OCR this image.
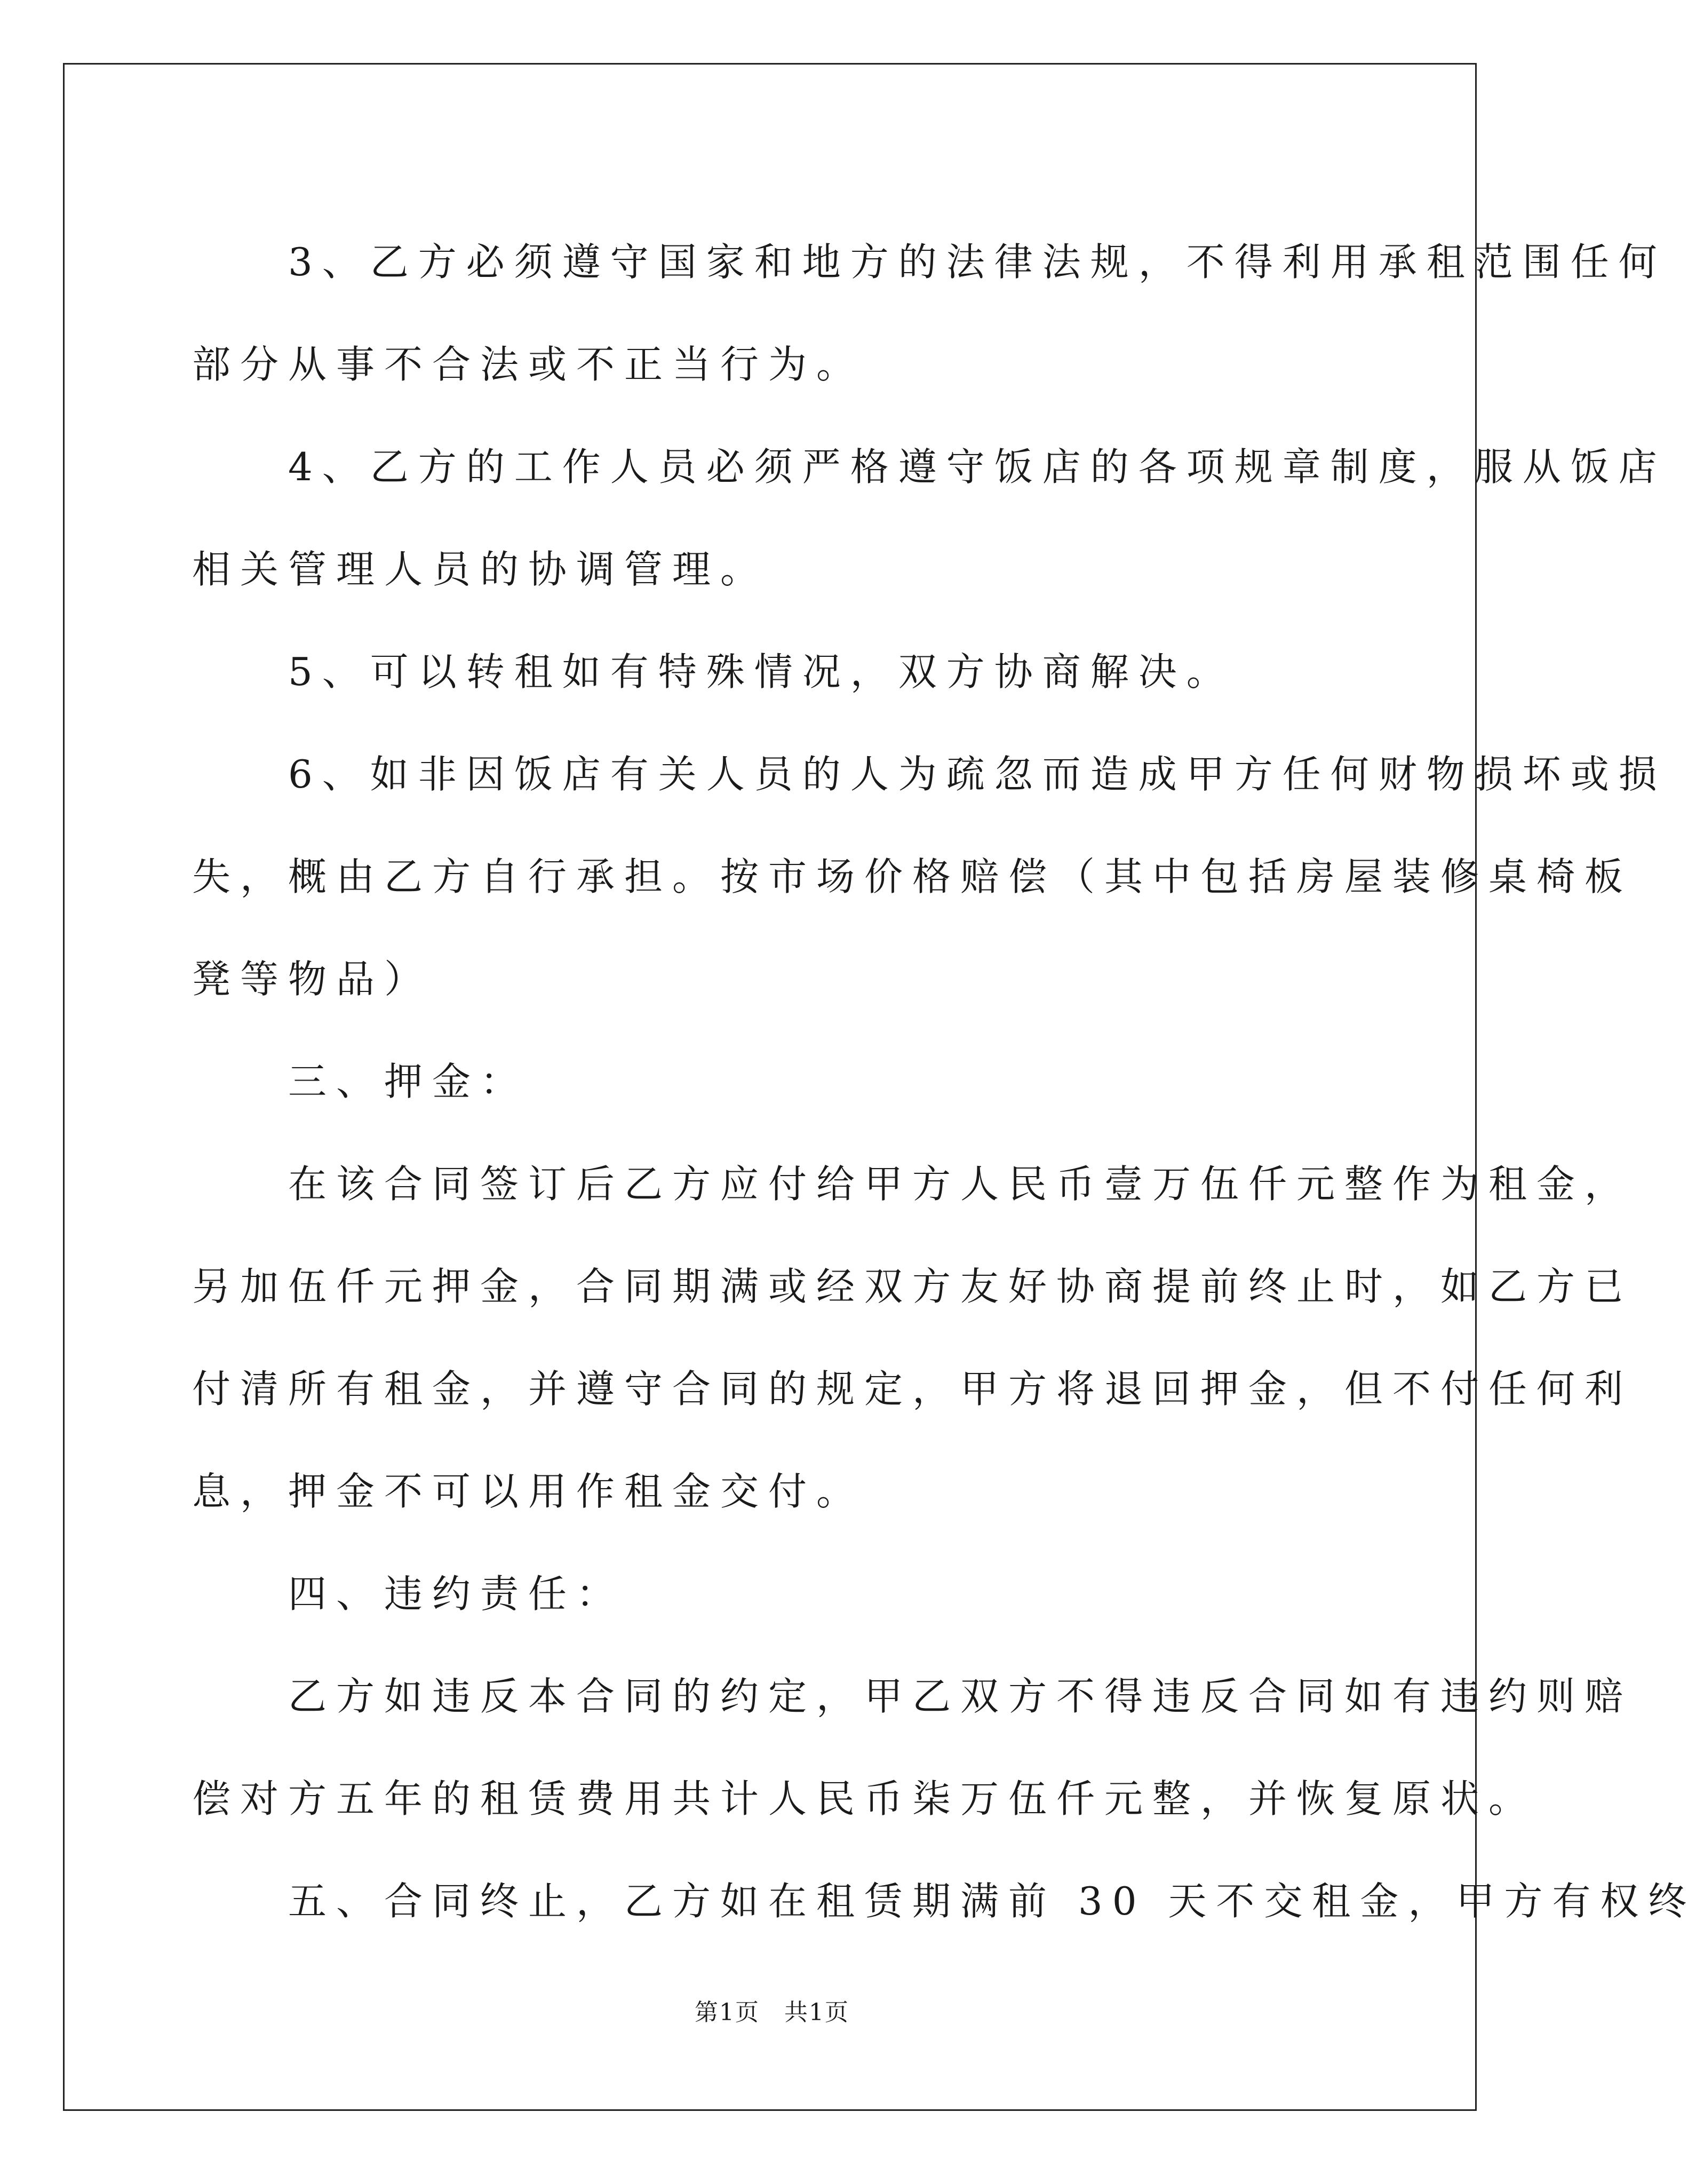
　　3、乙方必须遵守国家和地方的法律法规，不得利用承租范围任何

部分从事不合法或不正当行为。

　　4、乙方的工作人员必须严格遵守饭店的各项规章制度，服从饭店

相关管理人员的协调管理。

　　5、可以转租如有特殊情况，双方协商解决。

　　6、如非因饭店有关人员的人为疏忽而造成甲方任何财物损坏或损

失，概由乙方自行承担。按市场价格赔偿（其中包括房屋装修桌椅板

凳等物品）

　　三、押金：

　　在该合同签订后乙方应付给甲方人民币壹万伍仟元整作为租金，

另加伍仟元押金，合同期满或经双方友好协商提前终止时，如乙方已

付清所有租金，并遵守合同的规定，甲方将退回押金，但不付任何利

息，押金不可以用作租金交付。

　　四、违约责任：

　　乙方如违反本合同的约定，甲乙双方不得违反合同如有违约则赔

偿对方五年的租赁费用共计人民币柒万伍仟元整，并恢复原状。

　　五、合同终止，乙方如在租赁期满前 30 天不交租金，甲方有权终

第1页　共1页
